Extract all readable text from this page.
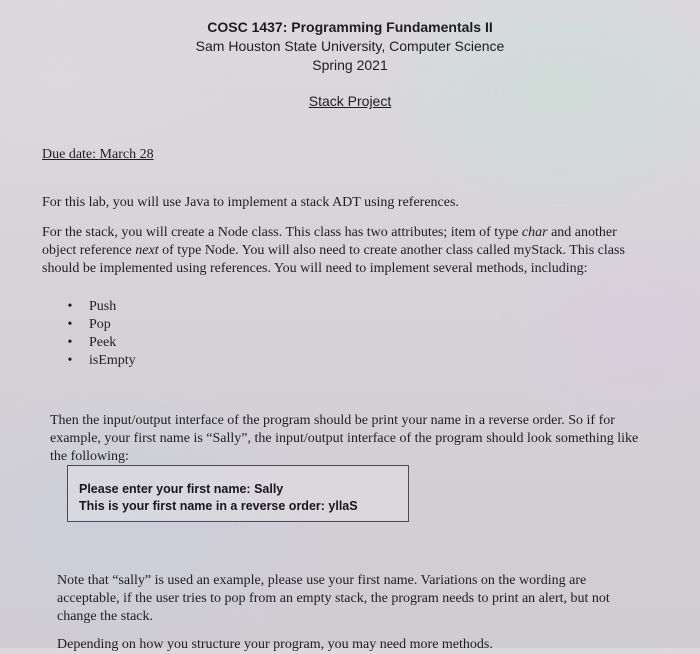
COSC 1437: Programming Fundamentals II
Sam Houston State University, Computer Science
Spring 2021
Stack Project
Due date: March 28

For this lab, you will use Java to implement a stack ADT using references.

For the stack, you will create a Node class. This class has two attributes; item of type char and another object reference next of type Node. You will also need to create another class called myStack. This class should be implemented using references. You will need to implement several methods, including:

• Push
• Pop
• Peek
• isEmpty

Then the input/output interface of the program should be print your name in a reverse order. So if for example, your first name is “Sally”, the input/output interface of the program should look something like the following:

Please enter your first name: Sally
This is your first name in a reverse order: yllaS

Note that “sally” is used an example, please use your first name. Variations on the wording are acceptable, if the user tries to pop from an empty stack, the program needs to print an alert, but not change the stack.

Depending on how you structure your program, you may need more methods.
